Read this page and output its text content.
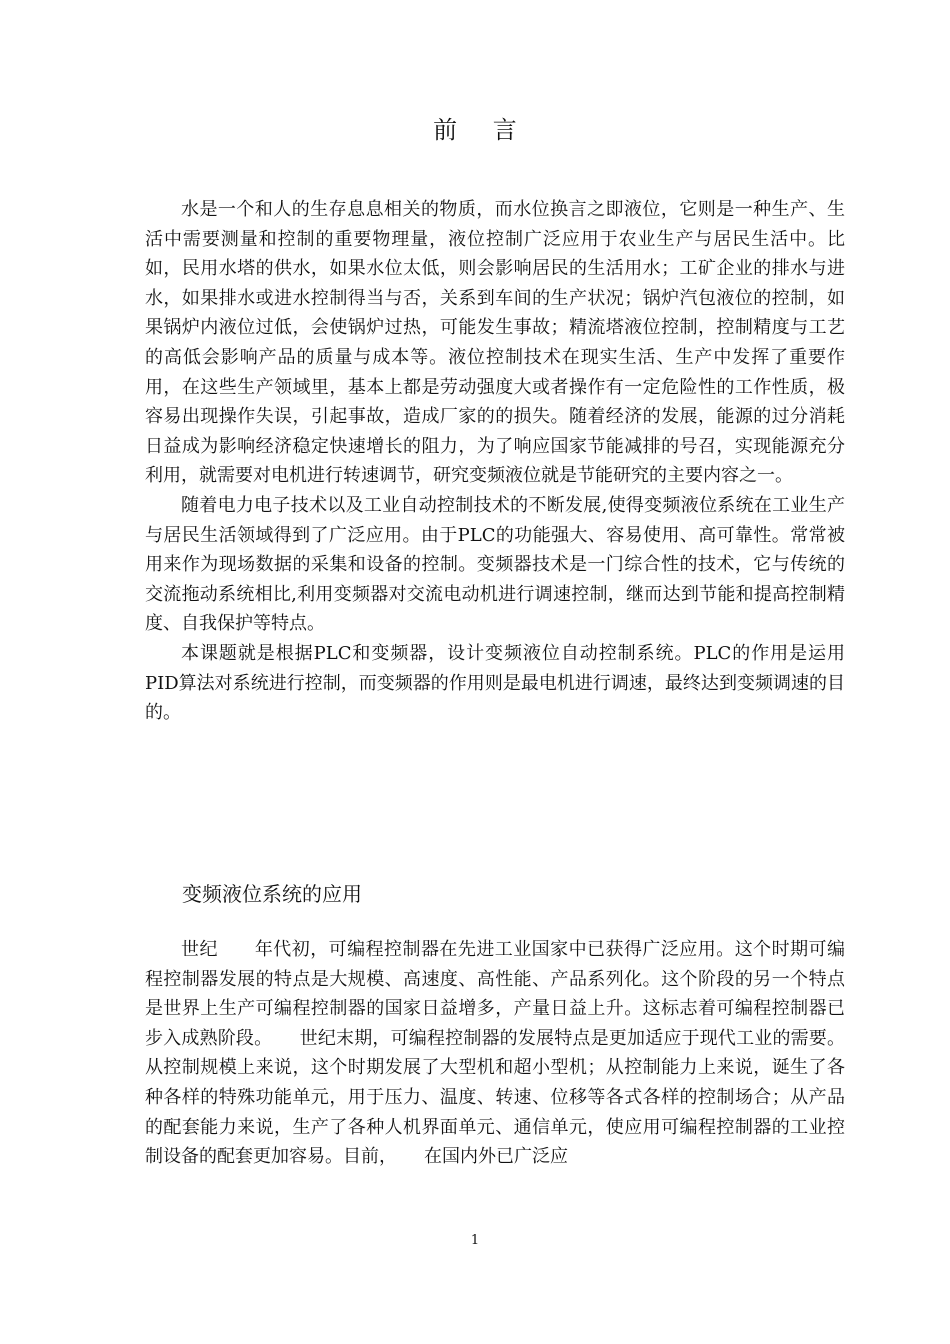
前 言

水是一个和人的生存息息相关的物质，而水位换言之即液位，它则是一种生产、生活中需要测量和控制的重要物理量，液位控制广泛应用于农业生产与居民生活中。比如，民用水塔的供水，如果水位太低，则会影响居民的生活用水；工矿企业的排水与进水，如果排水或进水控制得当与否，关系到车间的生产状况；锅炉汽包液位的控制，如果锅炉内液位过低，会使锅炉过热，可能发生事故；精流塔液位控制，控制精度与工艺的高低会影响产品的质量与成本等。液位控制技术在现实生活、生产中发挥了重要作用，在这些生产领域里，基本上都是劳动强度大或者操作有一定危险性的工作性质，极容易出现操作失误，引起事故，造成厂家的的损失。随着经济的发展，能源的过分消耗日益成为影响经济稳定快速增长的阻力，为了响应国家节能减排的号召，实现能源充分利用，就需要对电机进行转速调节，研究变频液位就是节能研究的主要内容之一。

随着电力电子技术以及工业自动控制技术的不断发展,使得变频液位系统在工业生产与居民生活领域得到了广泛应用。由于PLC的功能强大、容易使用、高可靠性。常常被用来作为现场数据的采集和设备的控制。变频器技术是一门综合性的技术，它与传统的交流拖动系统相比,利用变频器对交流电动机进行调速控制，继而达到节能和提高控制精度、自我保护等特点。

本课题就是根据PLC和变频器，设计变频液位自动控制系统。PLC的作用是运用PID算法对系统进行控制，而变频器的作用则是最电机进行调速，最终达到变频调速的目的。

变频液位系统的应用

世纪　　年代初，可编程控制器在先进工业国家中已获得广泛应用。这个时期可编程控制器发展的特点是大规模、高速度、高性能、产品系列化。这个阶段的另一个特点是世界上生产可编程控制器的国家日益增多，产量日益上升。这标志着可编程控制器已步入成熟阶段。　　世纪末期，可编程控制器的发展特点是更加适应于现代工业的需要。从控制规模上来说，这个时期发展了大型机和超小型机；从控制能力上来说，诞生了各种各样的特殊功能单元，用于压力、温度、转速、位移等各式各样的控制场合；从产品的配套能力来说，生产了各种人机界面单元、通信单元，使应用可编程控制器的工业控制设备的配套更加容易。目前，　　在国内外已广泛应

1
